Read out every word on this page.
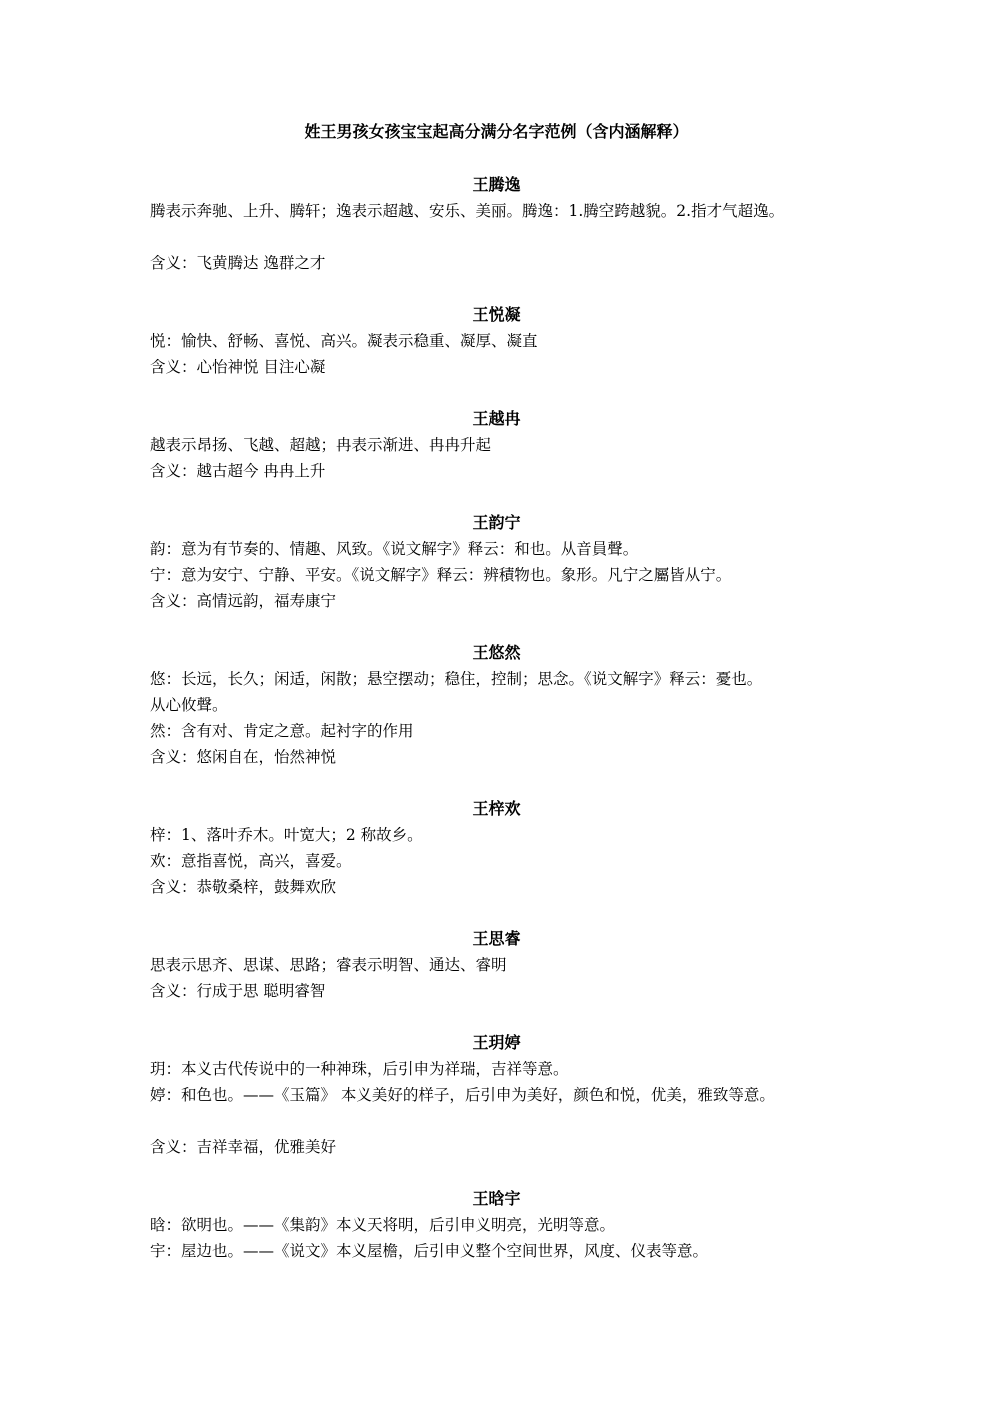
姓王男孩女孩宝宝起高分满分名字范例（含内涵解释）
王腾逸
腾表示奔驰、上升、腾轩；逸表示超越、安乐、美丽。腾逸：1.腾空跨越貌。2.指才气超逸。
含义：飞黄腾达 逸群之才
王悦凝
悦：愉快、舒畅、喜悦、高兴。凝表示稳重、凝厚、凝直
含义：心怡神悦 目注心凝
王越冉
越表示昂扬、飞越、超越；冉表示渐进、冉冉升起
含义：越古超今 冉冉上升
王韵宁
韵：意为有节奏的、情趣、风致。《说文解字》释云：和也。从音員聲。
宁：意为安宁、宁静、平安。《说文解字》释云：辨積物也。象形。凡宁之屬皆从宁。
含义：高情远韵，福寿康宁
王悠然
悠：长远，长久；闲适，闲散；悬空摆动；稳住，控制；思念。《说文解字》释云：憂也。
从心攸聲。
然：含有对、肯定之意。起衬字的作用
含义：悠闲自在，怡然神悦
王梓欢
梓：1、落叶乔木。叶宽大；2 称故乡。
欢：意指喜悦，高兴，喜爱。
含义：恭敬桑梓，鼓舞欢欣
王思睿
思表示思齐、思谋、思路；睿表示明智、通达、睿明
含义：行成于思 聪明睿智
王玥婷
玥：本义古代传说中的一种神珠，后引申为祥瑞，吉祥等意。
婷：和色也。——《玉篇》 本义美好的样子，后引申为美好，颜色和悦，优美，雅致等意。
含义：吉祥幸福，优雅美好
王晗宇
晗：欲明也。——《集韵》本义天将明，后引申义明亮，光明等意。
宇：屋边也。——《说文》本义屋檐，后引申义整个空间世界，风度、仪表等意。
